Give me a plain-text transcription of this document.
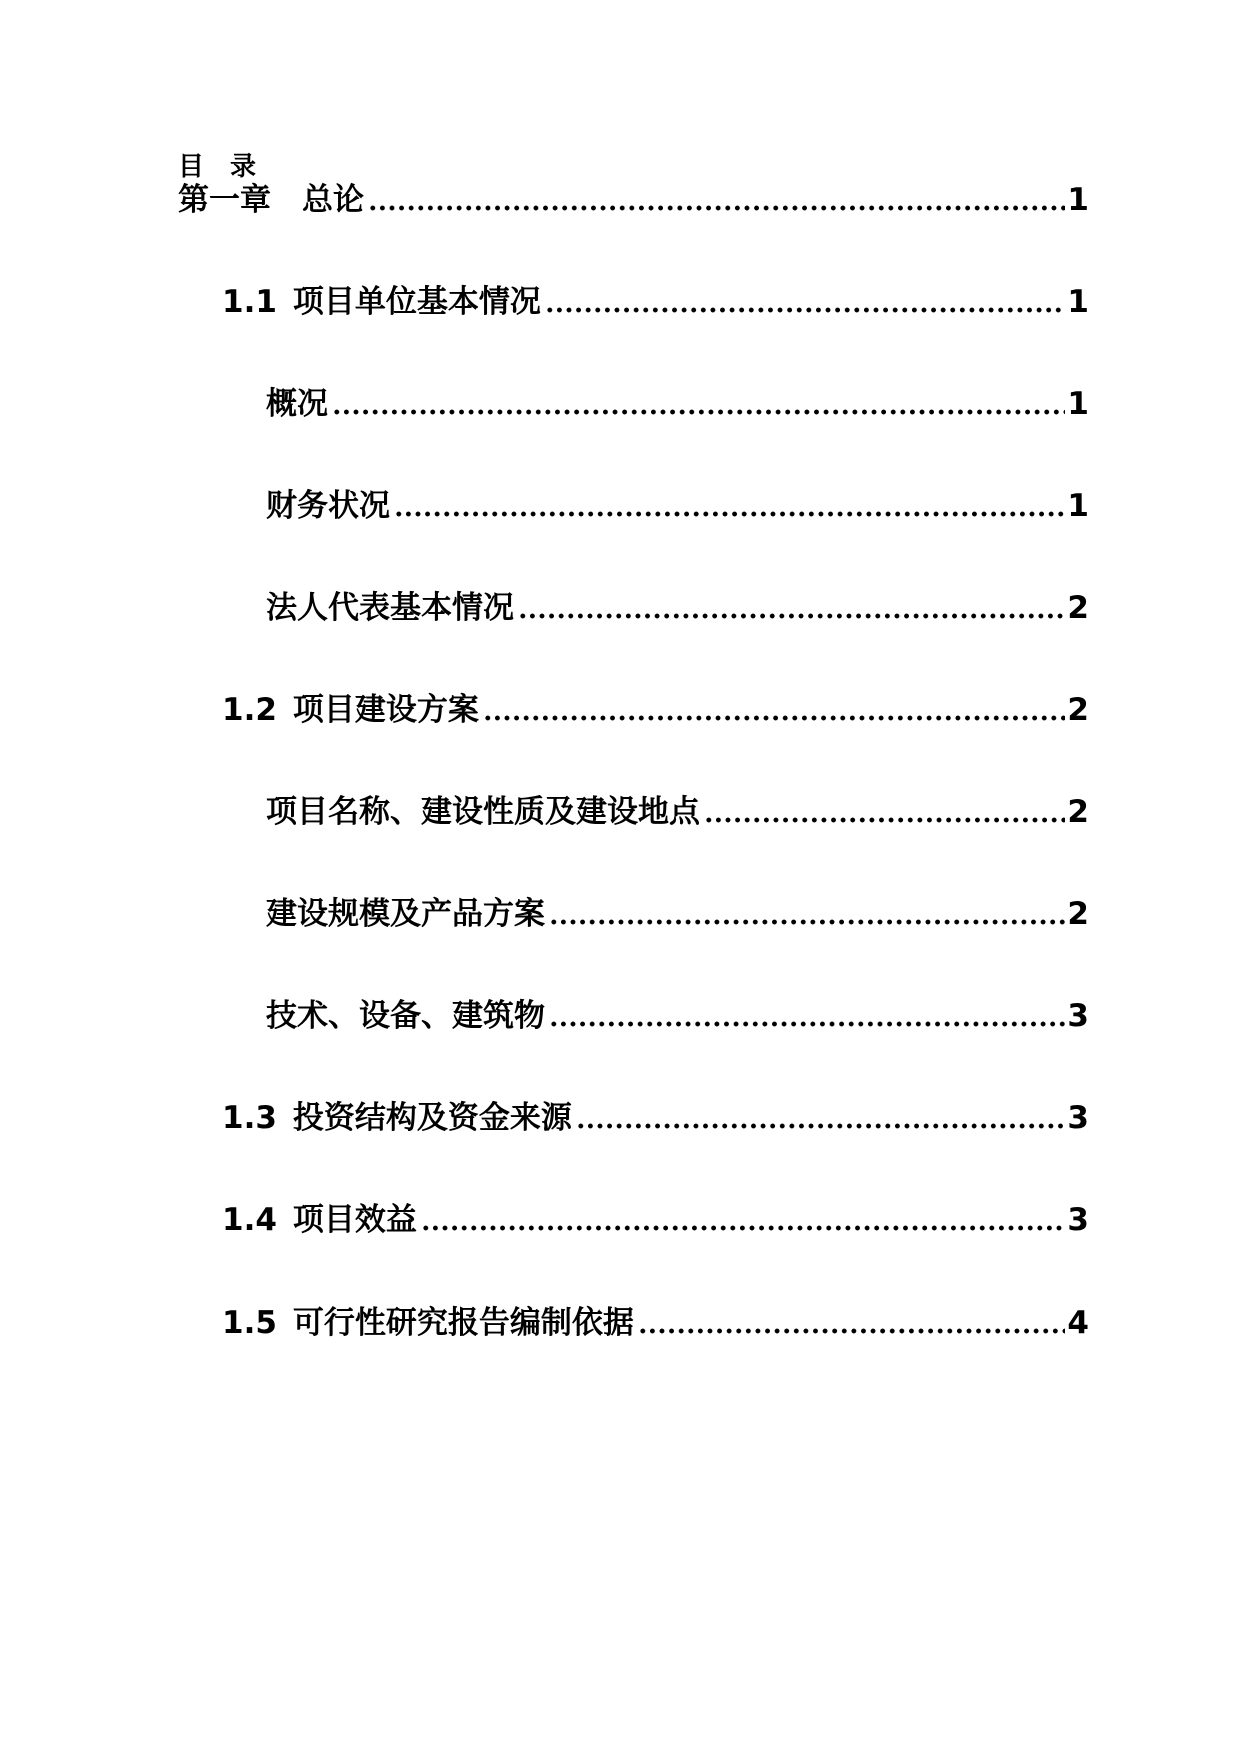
目　录
第一章　总论	1
1.1 项目单位基本情况	1
概况	1
财务状况	1
法人代表基本情况	2
1.2 项目建设方案	2
项目名称、建设性质及建设地点	2
建设规模及产品方案	2
技术、设备、建筑物	3
1.3 投资结构及资金来源	3
1.4 项目效益	3
1.5 可行性研究报告编制依据	4
